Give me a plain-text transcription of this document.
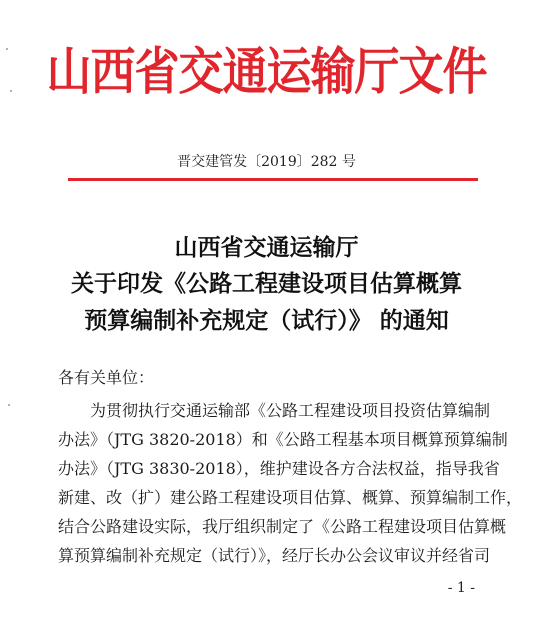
山西省交通运输厅文件
晋交建管发〔2019〕282 号
山西省交通运输厅
关于印发《公路工程建设项目估算概算
预算编制补充规定（试行）》 的通知
各有关单位：
为贯彻执行交通运输部《公路工程建设项目投资估算编制
办法》（JTG 3820-2018）和《公路工程基本项目概算预算编制
办法》（JTG 3830-2018），维护建设各方合法权益，指导我省
新建、改（扩）建公路工程建设项目估算、概算、预算编制工作，
结合公路建设实际，我厅组织制定了《公路工程建设项目估算概
算预算编制补充规定（试行）》，经厅长办公会议审议并经省司
- 1 -
